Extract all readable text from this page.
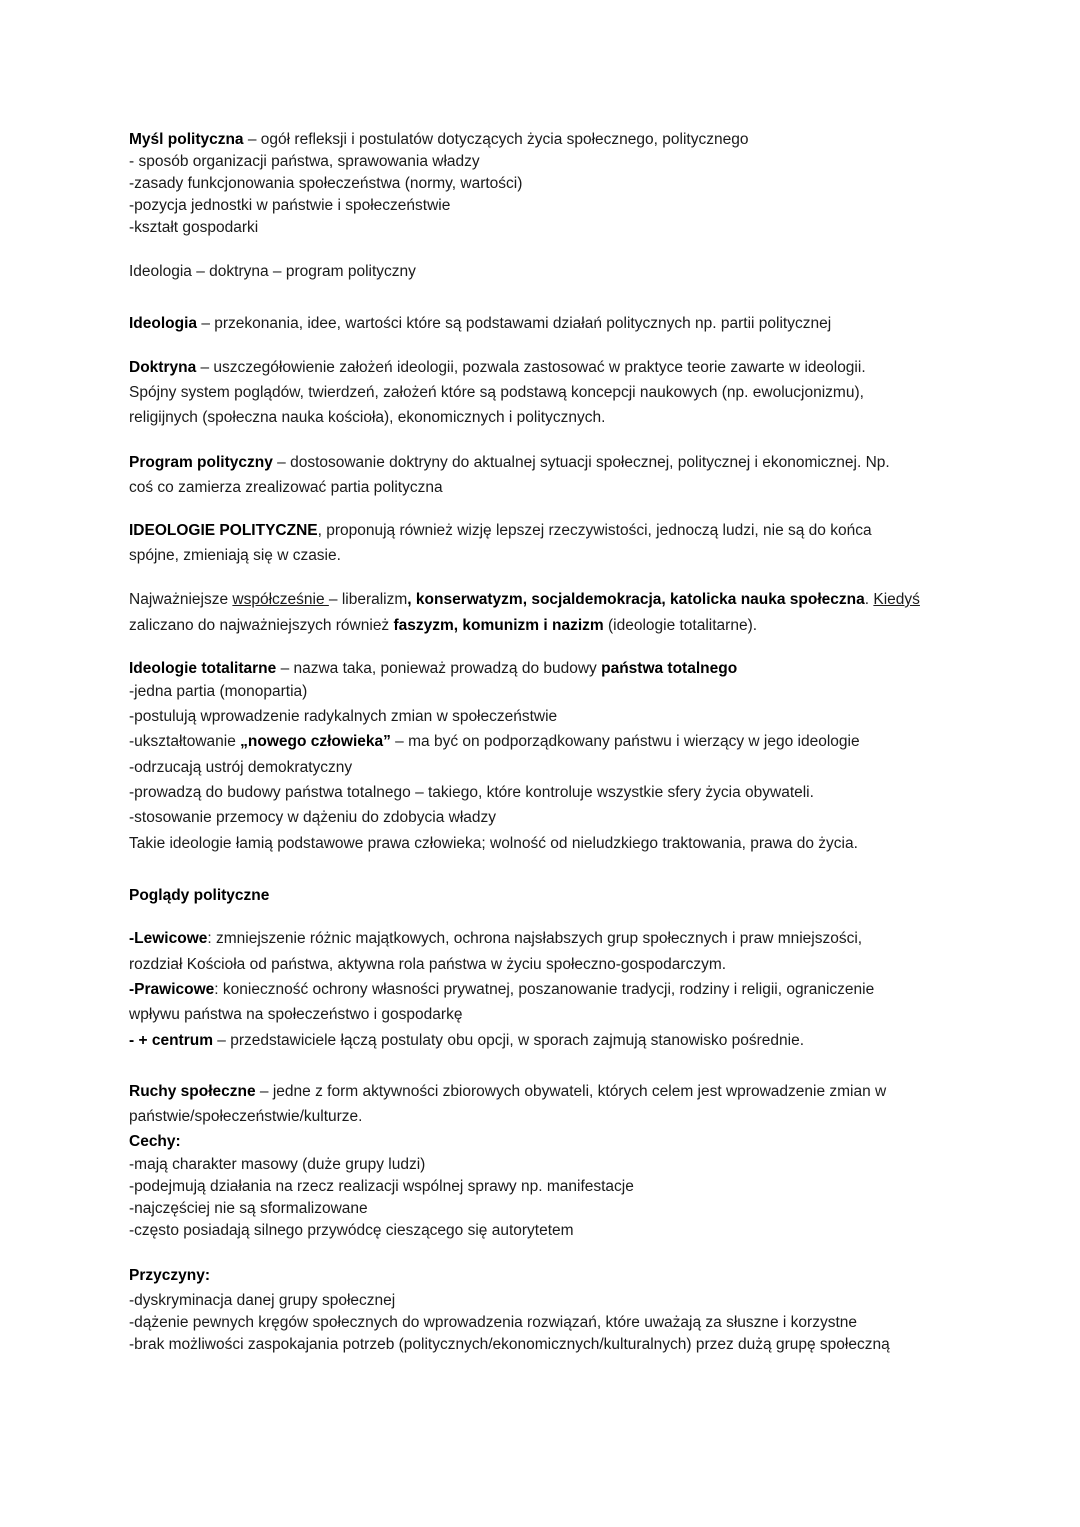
Myśl polityczna – ogół refleksji i postulatów dotyczących życia społecznego, politycznego
- sposób organizacji państwa, sprawowania władzy
-zasady funkcjonowania społeczeństwa (normy, wartości)
-pozycja jednostki w państwie i społeczeństwie
-kształt gospodarki
Ideologia – doktryna – program polityczny
Ideologia – przekonania, idee, wartości które są podstawami działań politycznych np. partii politycznej
Doktryna – uszczegółowienie założeń ideologii, pozwala zastosować w praktyce teorie zawarte w ideologii.
Spójny system poglądów, twierdzeń, założeń które są podstawą koncepcji naukowych (np. ewolucjonizmu),
religijnych (społeczna nauka kościoła), ekonomicznych i politycznych.
Program polityczny – dostosowanie doktryny do aktualnej sytuacji społecznej, politycznej i ekonomicznej. Np.
coś co zamierza zrealizować partia polityczna
IDEOLOGIE POLITYCZNE, proponują również wizję lepszej rzeczywistości, jednoczą ludzi, nie są do końca
spójne, zmieniają się w czasie.
Najważniejsze współcześnie – liberalizm, konserwatyzm, socjaldemokracja, katolicka nauka społeczna. Kiedyś
zaliczano do najważniejszych również faszyzm, komunizm i nazizm (ideologie totalitarne).
Ideologie totalitarne – nazwa taka, ponieważ prowadzą do budowy państwa totalnego
-jedna partia (monopartia)
-postulują wprowadzenie radykalnych zmian w społeczeństwie
-ukształtowanie „nowego człowieka” – ma być on podporządkowany państwu i wierzący w jego ideologie
-odrzucają ustrój demokratyczny
-prowadzą do budowy państwa totalnego – takiego, które kontroluje wszystkie sfery życia obywateli.
-stosowanie przemocy w dążeniu do zdobycia władzy
Takie ideologie łamią podstawowe prawa człowieka; wolność od nieludzkiego traktowania, prawa do życia.
Poglądy polityczne
-Lewicowe: zmniejszenie różnic majątkowych, ochrona najsłabszych grup społecznych i praw mniejszości,
rozdział Kościoła od państwa, aktywna rola państwa w życiu społeczno-gospodarczym.
-Prawicowe: konieczność ochrony własności prywatnej, poszanowanie tradycji, rodziny i religii, ograniczenie
wpływu państwa na społeczeństwo i gospodarkę
- + centrum – przedstawiciele łączą postulaty obu opcji, w sporach zajmują stanowisko pośrednie.
Ruchy społeczne – jedne z form aktywności zbiorowych obywateli, których celem jest wprowadzenie zmian w
państwie/społeczeństwie/kulturze.
Cechy:
-mają charakter masowy (duże grupy ludzi)
-podejmują działania na rzecz realizacji wspólnej sprawy np. manifestacje
-najczęściej nie są sformalizowane
-często posiadają silnego przywódcę cieszącego się autorytetem
Przyczyny:
-dyskryminacja danej grupy społecznej
-dążenie pewnych kręgów społecznych do wprowadzenia rozwiązań, które uważają za słuszne i korzystne
-brak możliwości zaspokajania potrzeb (politycznych/ekonomicznych/kulturalnych) przez dużą grupę społeczną
